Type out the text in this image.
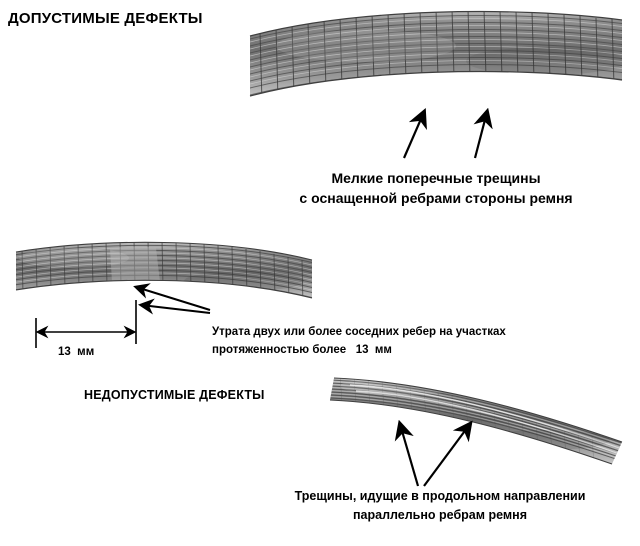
ДОПУСТИМЫЕ ДЕФЕКТЫ
НЕДОПУСТИМЫЕ ДЕФЕКТЫ
Мелкие поперечные трещины
с оснащенной ребрами стороны ремня
Утрата двух или более соседних ребер на участках
протяженностью более   13  мм
13  мм
Трещины, идущие в продольном направлении
параллельно ребрам ремня
